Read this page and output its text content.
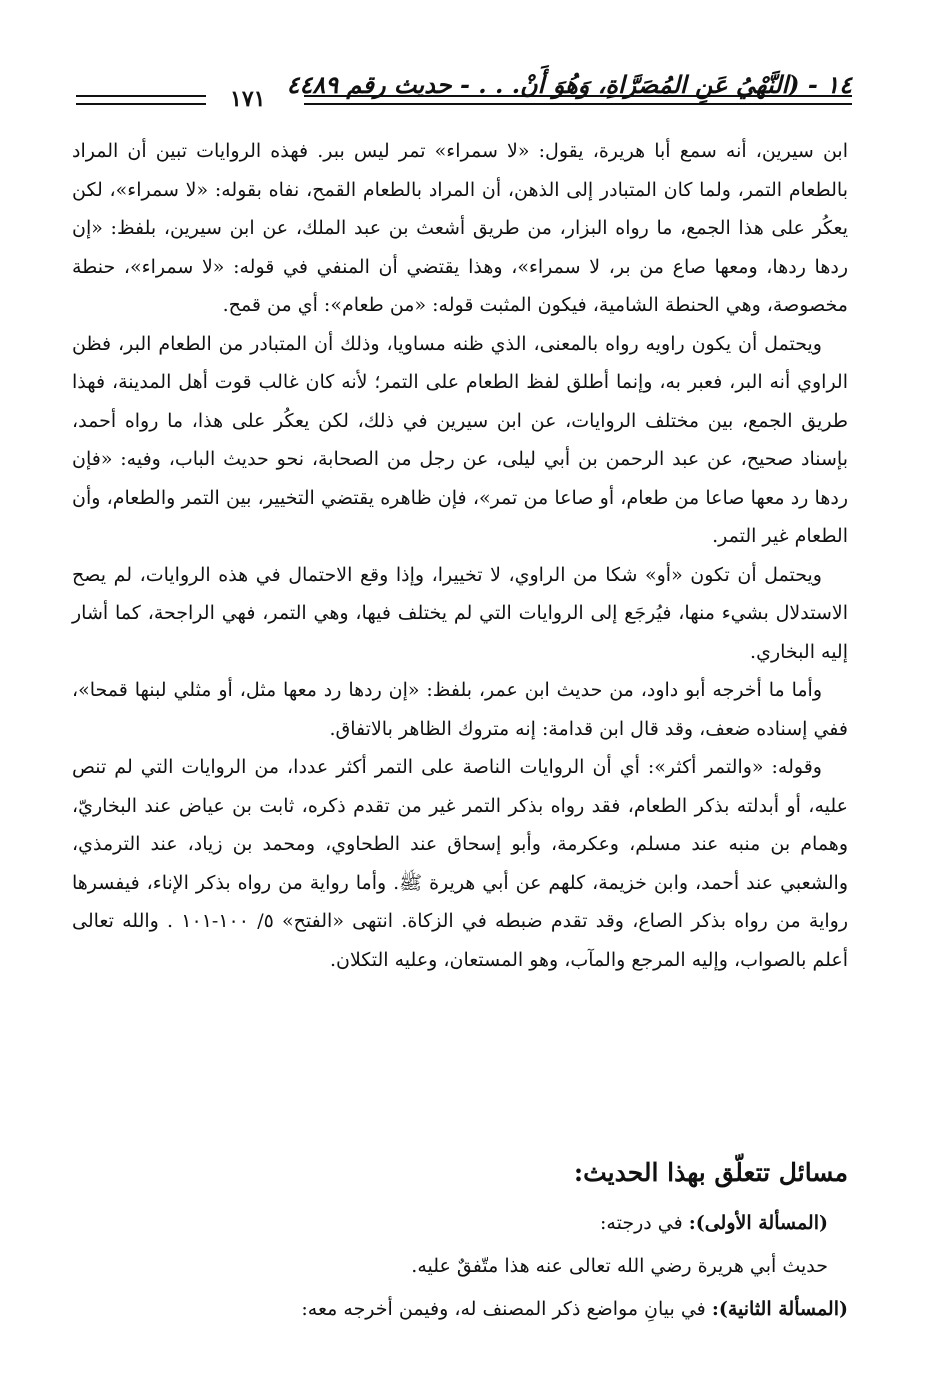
١٧١ ١٤ - (النَّهْيُ عَنِ المُصَرَّاةِ، وَهُوَ أَنْ. . . - حديث رقم ٤٤٨٩

ابن سيرين، أنه سمع أبا هريرة، يقول: «لا سمراء» تمر ليس ببر. فهذه الروايات تبين أن المراد بالطعام التمر، ولما كان المتبادر إلى الذهن، أن المراد بالطعام القمح، نفاه بقوله: «لا سمراء»، لكن يعكُر على هذا الجمع، ما رواه البزار، من طريق أشعث بن عبد الملك، عن ابن سيرين، بلفظ: «إن ردها ردها، ومعها صاع من بر، لا سمراء»، وهذا يقتضي أن المنفي في قوله: «لا سمراء»، حنطة مخصوصة، وهي الحنطة الشامية، فيكون المثبت قوله: «من طعام»: أي من قمح.

ويحتمل أن يكون راويه رواه بالمعنى، الذي ظنه مساويا، وذلك أن المتبادر من الطعام البر، فظن الراوي أنه البر، فعبر به، وإنما أطلق لفظ الطعام على التمر؛ لأنه كان غالب قوت أهل المدينة، فهذا طريق الجمع، بين مختلف الروايات، عن ابن سيرين في ذلك، لكن يعكُر على هذا، ما رواه أحمد، بإسناد صحيح، عن عبد الرحمن بن أبي ليلى، عن رجل من الصحابة، نحو حديث الباب، وفيه: «فإن ردها رد معها صاعا من طعام، أو صاعا من تمر»، فإن ظاهره يقتضي التخيير، بين التمر والطعام، وأن الطعام غير التمر.

ويحتمل أن تكون «أو» شكا من الراوي، لا تخييرا، وإذا وقع الاحتمال في هذه الروايات، لم يصح الاستدلال بشيء منها، فيُرجَع إلى الروايات التي لم يختلف فيها، وهي التمر، فهي الراجحة، كما أشار إليه البخاري.

وأما ما أخرجه أبو داود، من حديث ابن عمر، بلفظ: «إن ردها رد معها مثل، أو مثلي لبنها قمحا»، ففي إسناده ضعف، وقد قال ابن قدامة: إنه متروك الظاهر بالاتفاق.

وقوله: «والتمر أكثر»: أي أن الروايات الناصة على التمر أكثر عددا، من الروايات التي لم تنص عليه، أو أبدلته بذكر الطعام، فقد رواه بذكر التمر غير من تقدم ذكره، ثابت بن عياض عند البخاريّ، وهمام بن منبه عند مسلم، وعكرمة، وأبو إسحاق عند الطحاوي، ومحمد بن زياد، عند الترمذي، والشعبي عند أحمد، وابن خزيمة، كلهم عن أبي هريرة ﷺ. وأما رواية من رواه بذكر الإناء، فيفسرها رواية من رواه بذكر الصاع، وقد تقدم ضبطه في الزكاة. انتهى «الفتح» ٥/ ١٠٠-١٠١ . والله تعالى أعلم بالصواب، وإليه المرجع والمآب، وهو المستعان، وعليه التكلان.

مسائل تتعلّق بهذا الحديث:
(المسألة الأولى): في درجته:
حديث أبي هريرة رضي الله تعالى عنه هذا متّفقٌ عليه.
(المسألة الثانية): في بيانِ مواضع ذكر المصنف له، وفيمن أخرجه معه:
